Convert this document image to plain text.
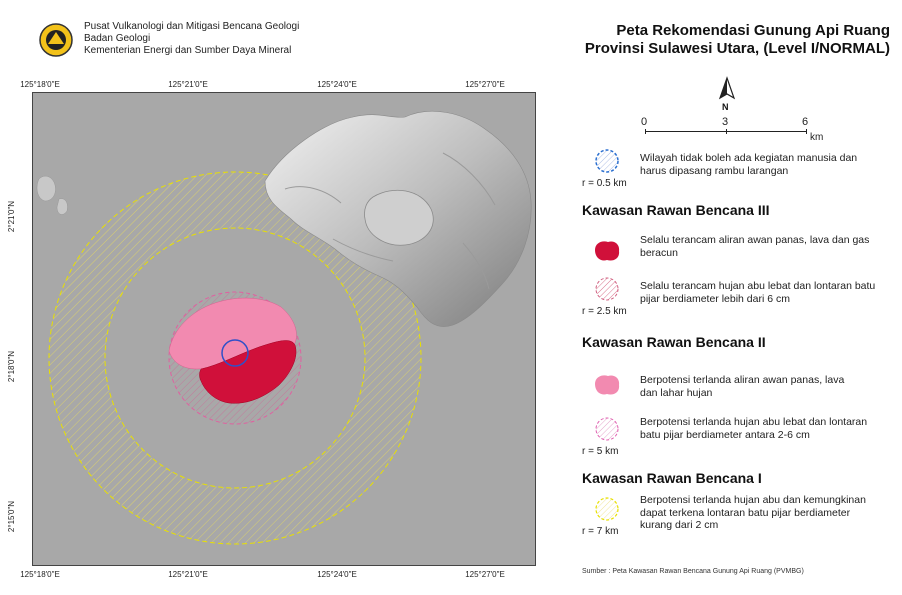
Pusat Vulkanologi dan Mitigasi Bencana Geologi
Badan Geologi
Kementerian Energi dan Sumber Daya Mineral
Peta Rekomendasi Gunung Api Ruang
Provinsi Sulawesi Utara, (Level I/NORMAL)
125°18'0"E	125°21'0"E	125°24'0"E	125°27'0"E
125°18'0"E	125°21'0"E	125°24'0"E	125°27'0"E
2°21'0"N
2°18'0"N
2°15'0"N
N
0	3	6
km
Wilayah tidak boleh ada kegiatan manusia dan harus dipasang rambu larangan
r = 0.5 km
Kawasan Rawan Bencana III
Selalu terancam aliran awan panas, lava dan gas beracun
Selalu terancam hujan abu lebat dan lontaran batu pijar berdiameter lebih dari 6 cm
r = 2.5 km
Kawasan Rawan Bencana II
Berpotensi terlanda aliran awan panas, lava dan lahar hujan
Berpotensi terlanda hujan abu lebat dan lontaran batu pijar berdiameter antara 2-6 cm
r = 5 km
Kawasan Rawan Bencana I
Berpotensi terlanda hujan abu dan kemungkinan dapat terkena lontaran batu pijar berdiameter kurang dari 2 cm
r = 7 km
Sumber : Peta Kawasan Rawan Bencana Gunung Api Ruang (PVMBG)
